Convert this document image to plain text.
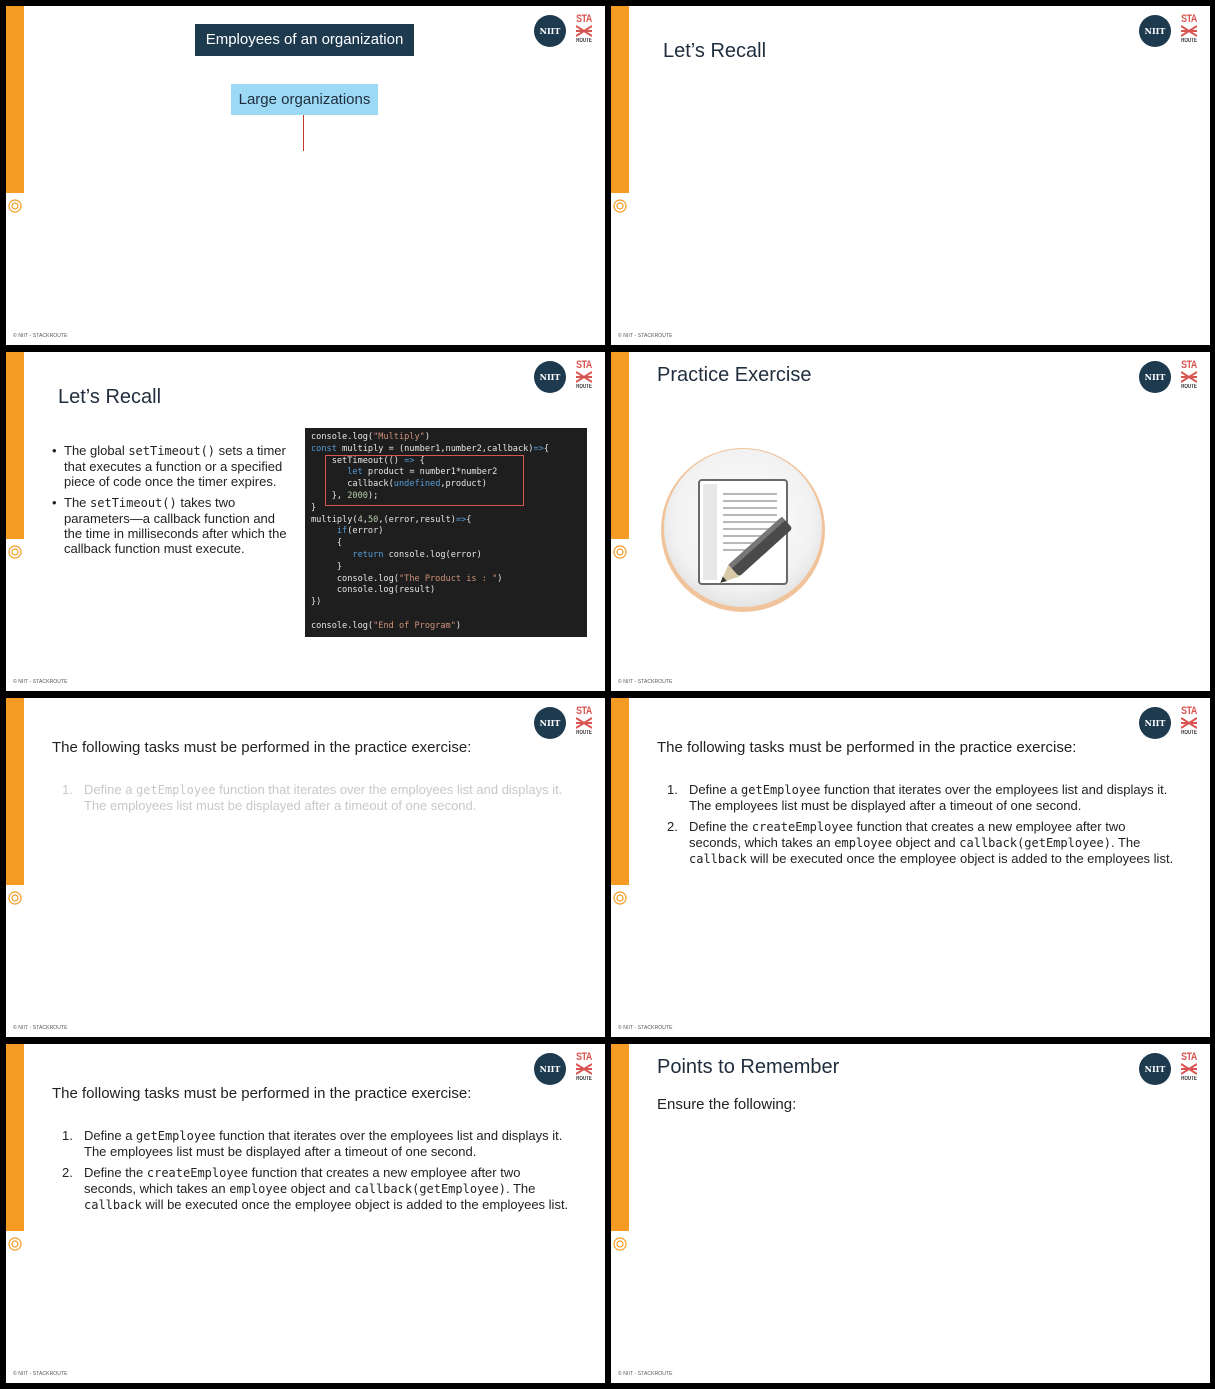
NIIT
STA
ROUTE
Employees of an organization
Large organizations
© NIIT - STACKROUTE
NIIT
STA
ROUTE
Let’s Recall
© NIIT - STACKROUTE
NIIT
STA
ROUTE
Let’s Recall
• The global setTimeout() sets a timer that executes a function or a specified piece of code once the timer expires.
• The setTimeout() takes two parameters—a callback function and the time in milliseconds after which the callback function must execute.
console.log("Multiply")
const multiply = (number1,number2,callback)=>{
setTimeout(() => {
let product = number1*number2
callback(undefined,product)
}, 2000);
}
multiply(4,50,(error,result)=>{
if(error)
{
return console.log(error)
}
console.log("The Product is : ")
console.log(result)
})

console.log("End of Program")
© NIIT - STACKROUTE
NIIT
STA
ROUTE
Practice Exercise
© NIIT - STACKROUTE
NIIT
STA
ROUTE
The following tasks must be performed in the practice exercise:
1. Define a getEmployee function that iterates over the employees list and displays it. The employees list must be displayed after a timeout of one second.
© NIIT - STACKROUTE
NIIT
STA
ROUTE
The following tasks must be performed in the practice exercise:
1. Define a getEmployee function that iterates over the employees list and displays it. The employees list must be displayed after a timeout of one second.
2. Define the createEmployee function that creates a new employee after two seconds, which takes an employee object and callback(getEmployee). The callback will be executed once the employee object is added to the employees list.
© NIIT - STACKROUTE
NIIT
STA
ROUTE
The following tasks must be performed in the practice exercise:
1. Define a getEmployee function that iterates over the employees list and displays it. The employees list must be displayed after a timeout of one second.
2. Define the createEmployee function that creates a new employee after two seconds, which takes an employee object and callback(getEmployee). The callback will be executed once the employee object is added to the employees list.
© NIIT - STACKROUTE
NIIT
STA
ROUTE
Points to Remember
Ensure the following:
© NIIT - STACKROUTE
